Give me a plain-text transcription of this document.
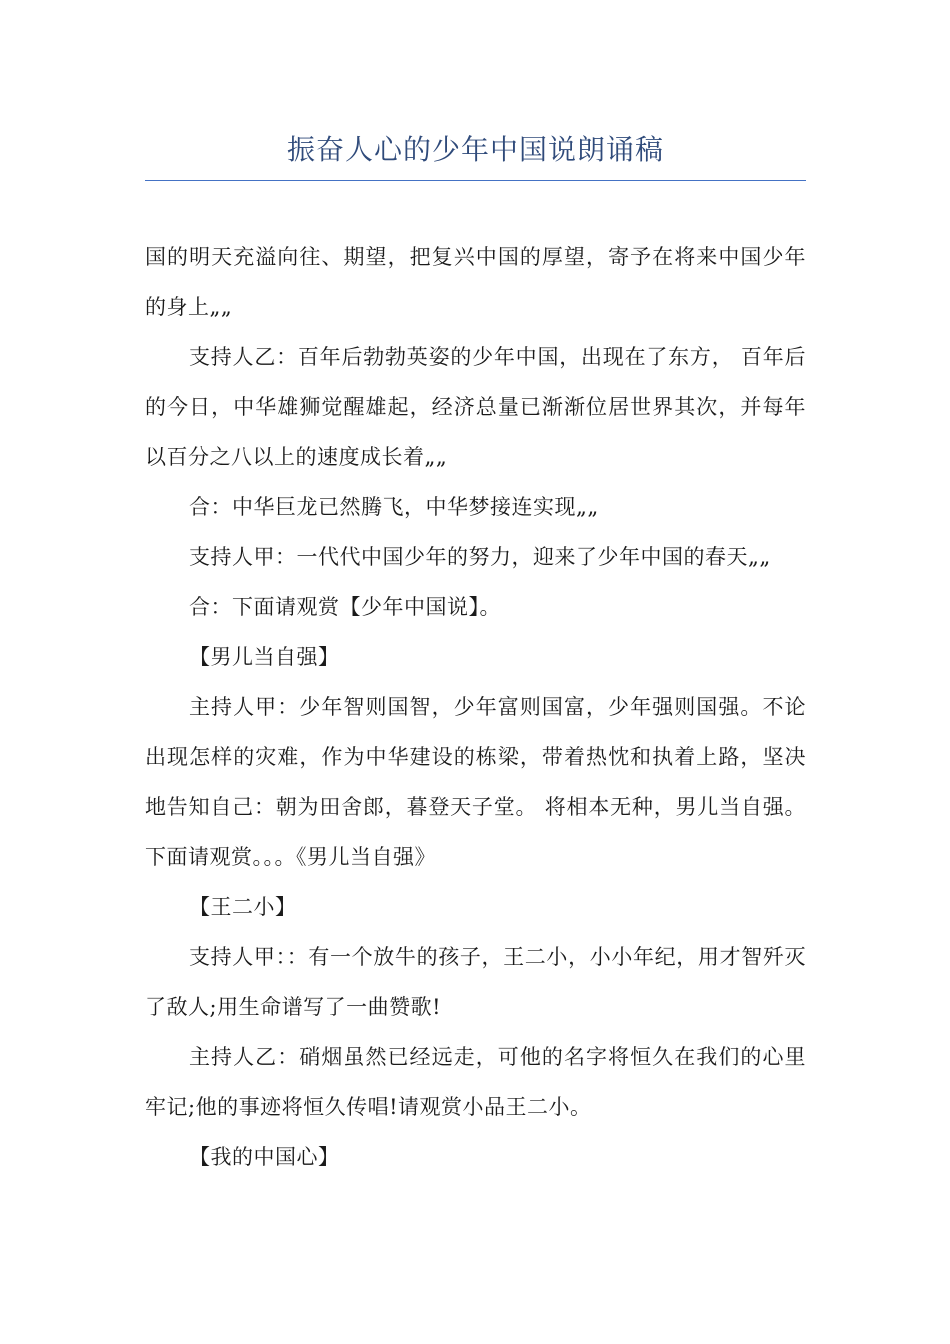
振奋人心的少年中国说朗诵稿

国的明天充溢向往、期望，把复兴中国的厚望，寄予在将来中国少年的身上„„

支持人乙：百年后勃勃英姿的少年中国，出现在了东方， 百年后的今日，中华雄狮觉醒雄起，经济总量已渐渐位居世界其次，并每年以百分之八以上的速度成长着„„

合：中华巨龙已然腾飞，中华梦接连实现„„

支持人甲：一代代中国少年的努力，迎来了少年中国的春天„„

合：下面请观赏【少年中国说】。

【男儿当自强】

主持人甲：少年智则国智，少年富则国富，少年强则国强。不论出现怎样的灾难，作为中华建设的栋梁，带着热忱和执着上路，坚决地告知自己：朝为田舍郎，暮登天子堂。 将相本无种，男儿当自强。下面请观赏。。。《男儿当自强》

【王二小】

支持人甲：：有一个放牛的孩子，王二小，小小年纪，用才智歼灭了敌人;用生命谱写了一曲赞歌!

主持人乙：硝烟虽然已经远走，可他的名字将恒久在我们的心里牢记;他的事迹将恒久传唱!请观赏小品王二小。

【我的中国心】
